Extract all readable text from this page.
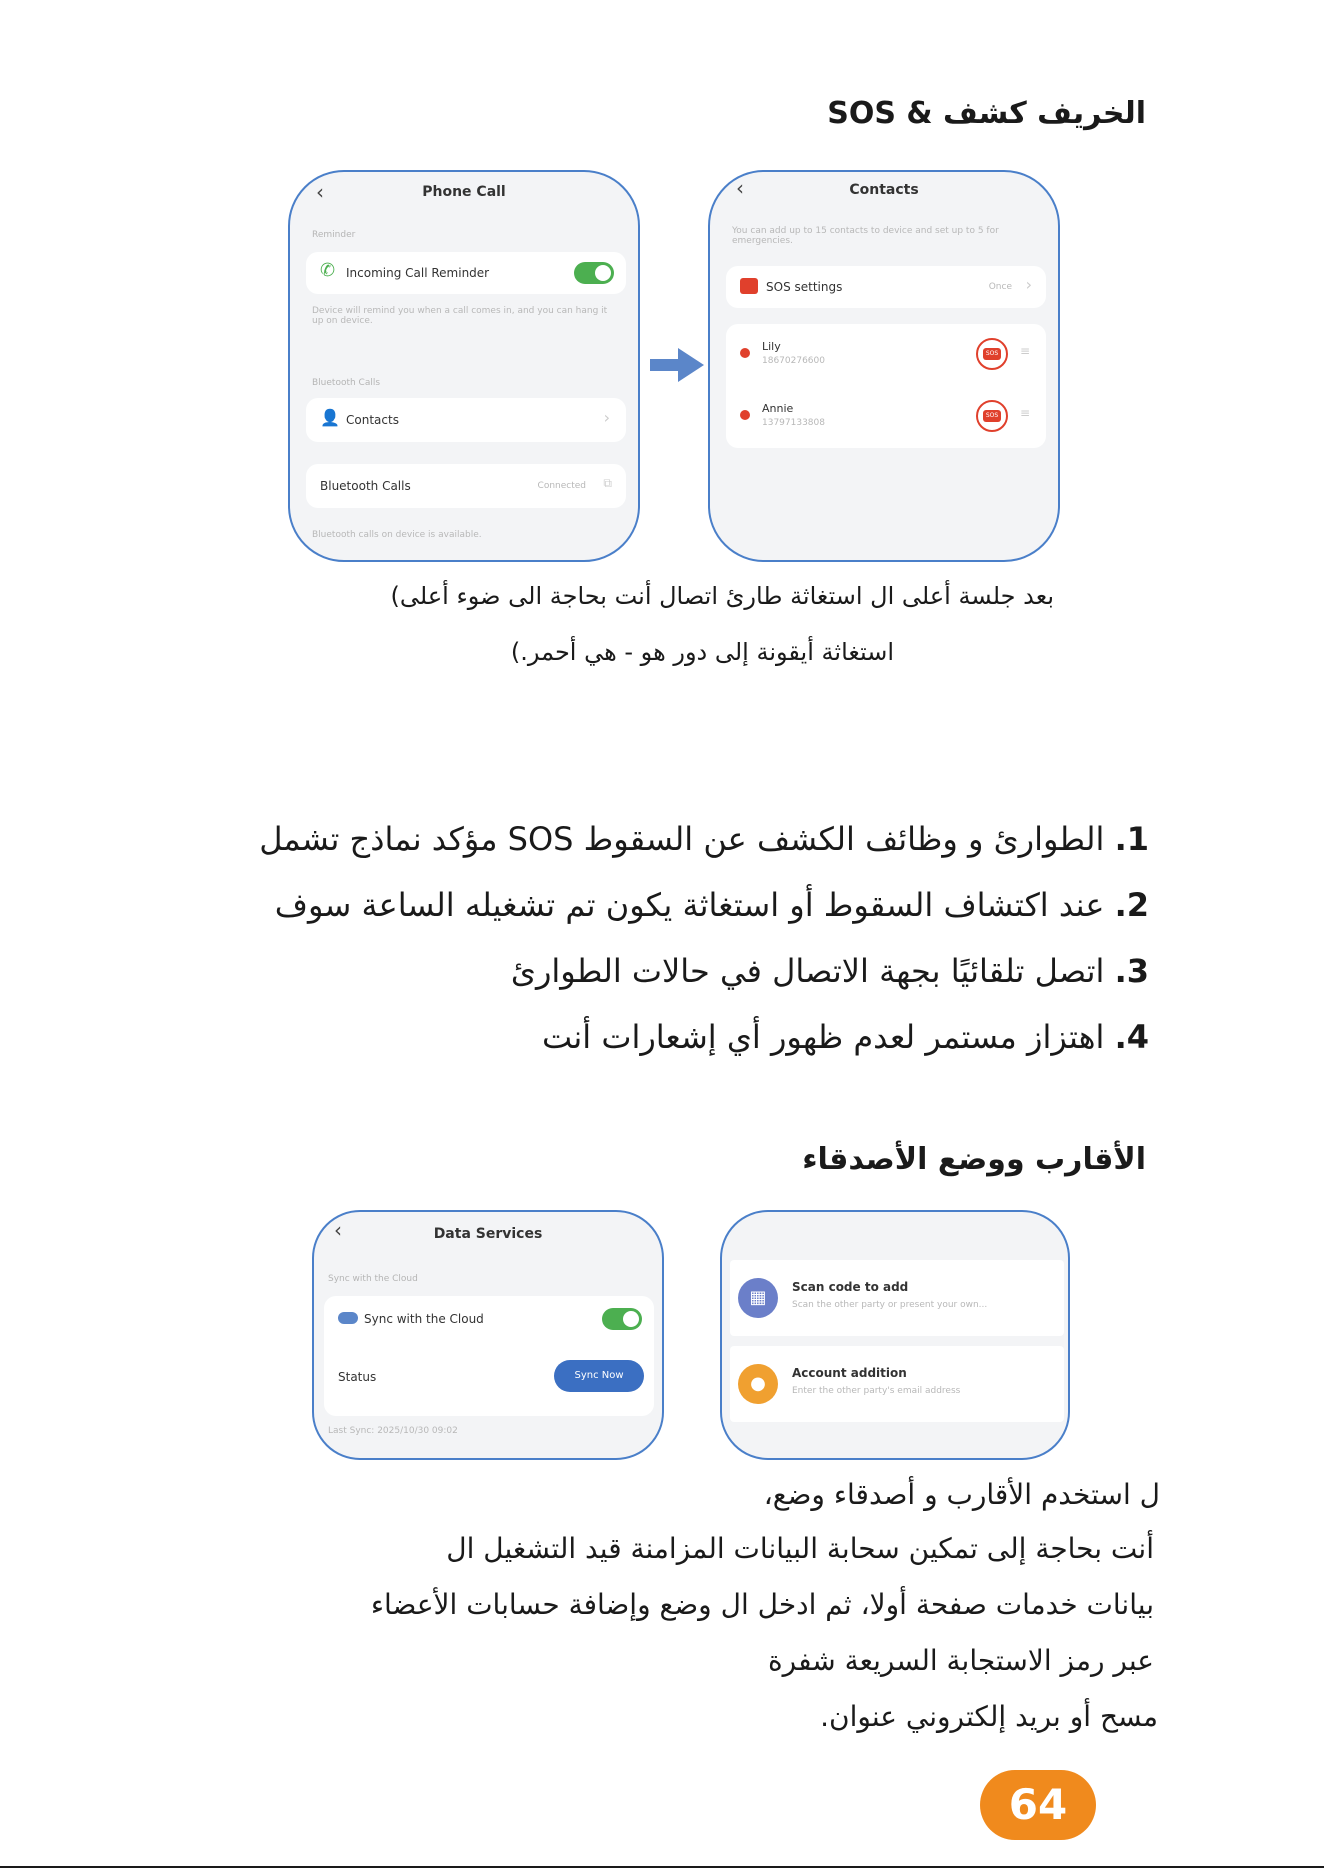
الخريف كشف & SOS
‹	Phone Call
Reminder
✆ Incoming Call Reminder
Device will remind you when a call comes in, and you can hang it up on device.
Bluetooth Calls
👤 Contacts	›
Bluetooth Calls	Connected ⧉
Bluetooth calls on device is available.
‹	Contacts
You can add up to 15 contacts to device and set up to 5 for emergencies.
SOS settings	Once ›
Lily
18670276600
SOS ≡
Annie
13797133808
SOS ≡
بعد جلسة أعلى ال استغاثة طارئ اتصال أنت بحاجة الى ضوء أعلى)
استغاثة أيقونة إلى دور هو - هي أحمر.)
1. الطوارئ و وظائف الكشف عن السقوط SOS مؤكد نماذج تشمل
2. عند اكتشاف السقوط أو استغاثة يكون تم تشغيله الساعة سوف
3. اتصل تلقائيًا بجهة الاتصال في حالات الطوارئ
4. اهتزاز مستمر لعدم ظهور أي إشعارات أنت
الأقارب ووضع الأصدقاء
‹	Data Services
Sync with the Cloud
Sync with the Cloud
Status	Sync Now
Last Sync: 2025/10/30 09:02
▦	Scan code to add
Scan the other party or present your own...
●	Account addition
Enter the other party's email address
ل استخدم الأقارب و أصدقاء وضع،
أنت بحاجة إلى تمكين سحابة البيانات المزامنة قيد التشغيل ال
بيانات خدمات صفحة أولا، ثم ادخل ال وضع وإضافة حسابات الأعضاء
عبر رمز الاستجابة السريعة شفرة
مسح أو بريد إلكتروني عنوان.
64
